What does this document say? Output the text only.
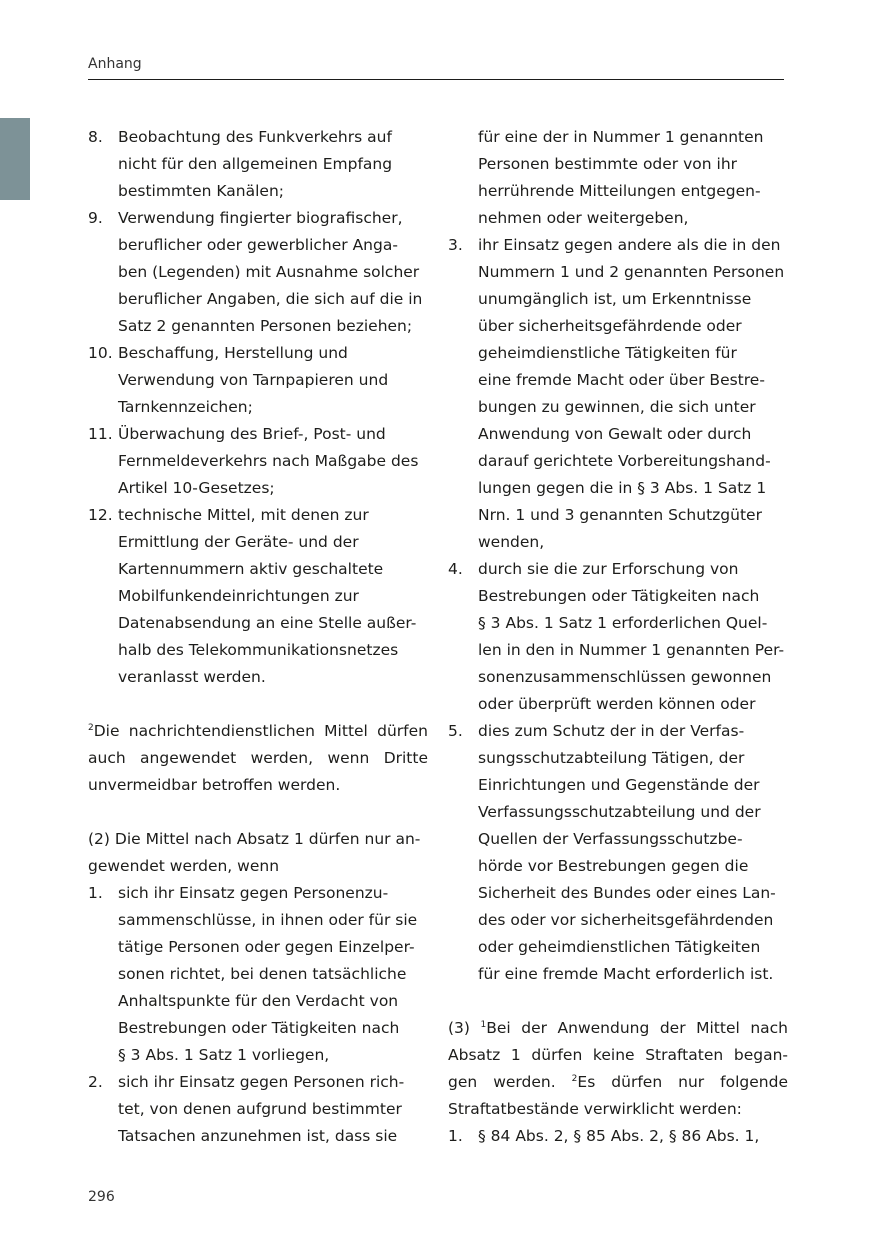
Anhang
8. Beobachtung des Funkverkehrs auf
nicht für den allgemeinen Empfang
bestimmten Kanälen;
9. Verwendung fingierter biografischer,
beruflicher oder gewerblicher Anga-
ben (Legenden) mit Ausnahme solcher
beruflicher Angaben, die sich auf die in
Satz 2 genannten Personen beziehen;
10. Beschaffung, Herstellung und
Verwendung von Tarnpapieren und
Tarnkennzeichen;
11. Überwachung des Brief-, Post- und
Fernmeldeverkehrs nach Maßgabe des
Artikel 10-Gesetzes;
12. technische Mittel, mit denen zur
Ermittlung der Geräte- und der
Kartennummern aktiv geschaltete
Mobilfunkendeinrichtungen zur
Datenabsendung an eine Stelle außer-
halb des Telekommunikationsnetzes
veranlasst werden.
$^2$Die nachrichtendienstlichen Mittel dürfen
auch angewendet werden, wenn Dritte
unvermeidbar betroffen werden.
(2) Die Mittel nach Absatz 1 dürfen nur an-
gewendet werden, wenn
1. sich ihr Einsatz gegen Personenzu-
sammenschlüsse, in ihnen oder für sie
tätige Personen oder gegen Einzelper-
sonen richtet, bei denen tatsächliche
Anhaltspunkte für den Verdacht von
Bestrebungen oder Tätigkeiten nach
§ 3 Abs. 1 Satz 1 vorliegen,
2. sich ihr Einsatz gegen Personen rich-
tet, von denen aufgrund bestimmter
Tatsachen anzunehmen ist, dass sie
für eine der in Nummer 1 genannten
Personen bestimmte oder von ihr
herrührende Mitteilungen entgegen-
nehmen oder weitergeben,
3. ihr Einsatz gegen andere als die in den
Nummern 1 und 2 genannten Personen
unumgänglich ist, um Erkenntnisse
über sicherheitsgefährdende oder
geheimdienstliche Tätigkeiten für
eine fremde Macht oder über Bestre-
bungen zu gewinnen, die sich unter
Anwendung von Gewalt oder durch
darauf gerichtete Vorbereitungshand-
lungen gegen die in § 3 Abs. 1 Satz 1
Nrn. 1 und 3 genannten Schutzgüter
wenden,
4. durch sie die zur Erforschung von
Bestrebungen oder Tätigkeiten nach
§ 3 Abs. 1 Satz 1 erforderlichen Quel-
len in den in Nummer 1 genannten Per-
sonenzusammenschlüssen gewonnen
oder überprüft werden können oder
5. dies zum Schutz der in der Verfas-
sungsschutzabteilung Tätigen, der
Einrichtungen und Gegenstände der
Verfassungsschutzabteilung und der
Quellen der Verfassungsschutzbe-
hörde vor Bestrebungen gegen die
Sicherheit des Bundes oder eines Lan-
des oder vor sicherheitsgefährdenden
oder geheimdienstlichen Tätigkeiten
für eine fremde Macht erforderlich ist.
(3) $^1$Bei der Anwendung der Mittel nach
Absatz 1 dürfen keine Straftaten began-
gen werden. $^2$Es dürfen nur folgende
Straftatbestände verwirklicht werden:
1. § 84 Abs. 2, § 85 Abs. 2, § 86 Abs. 1,
296
